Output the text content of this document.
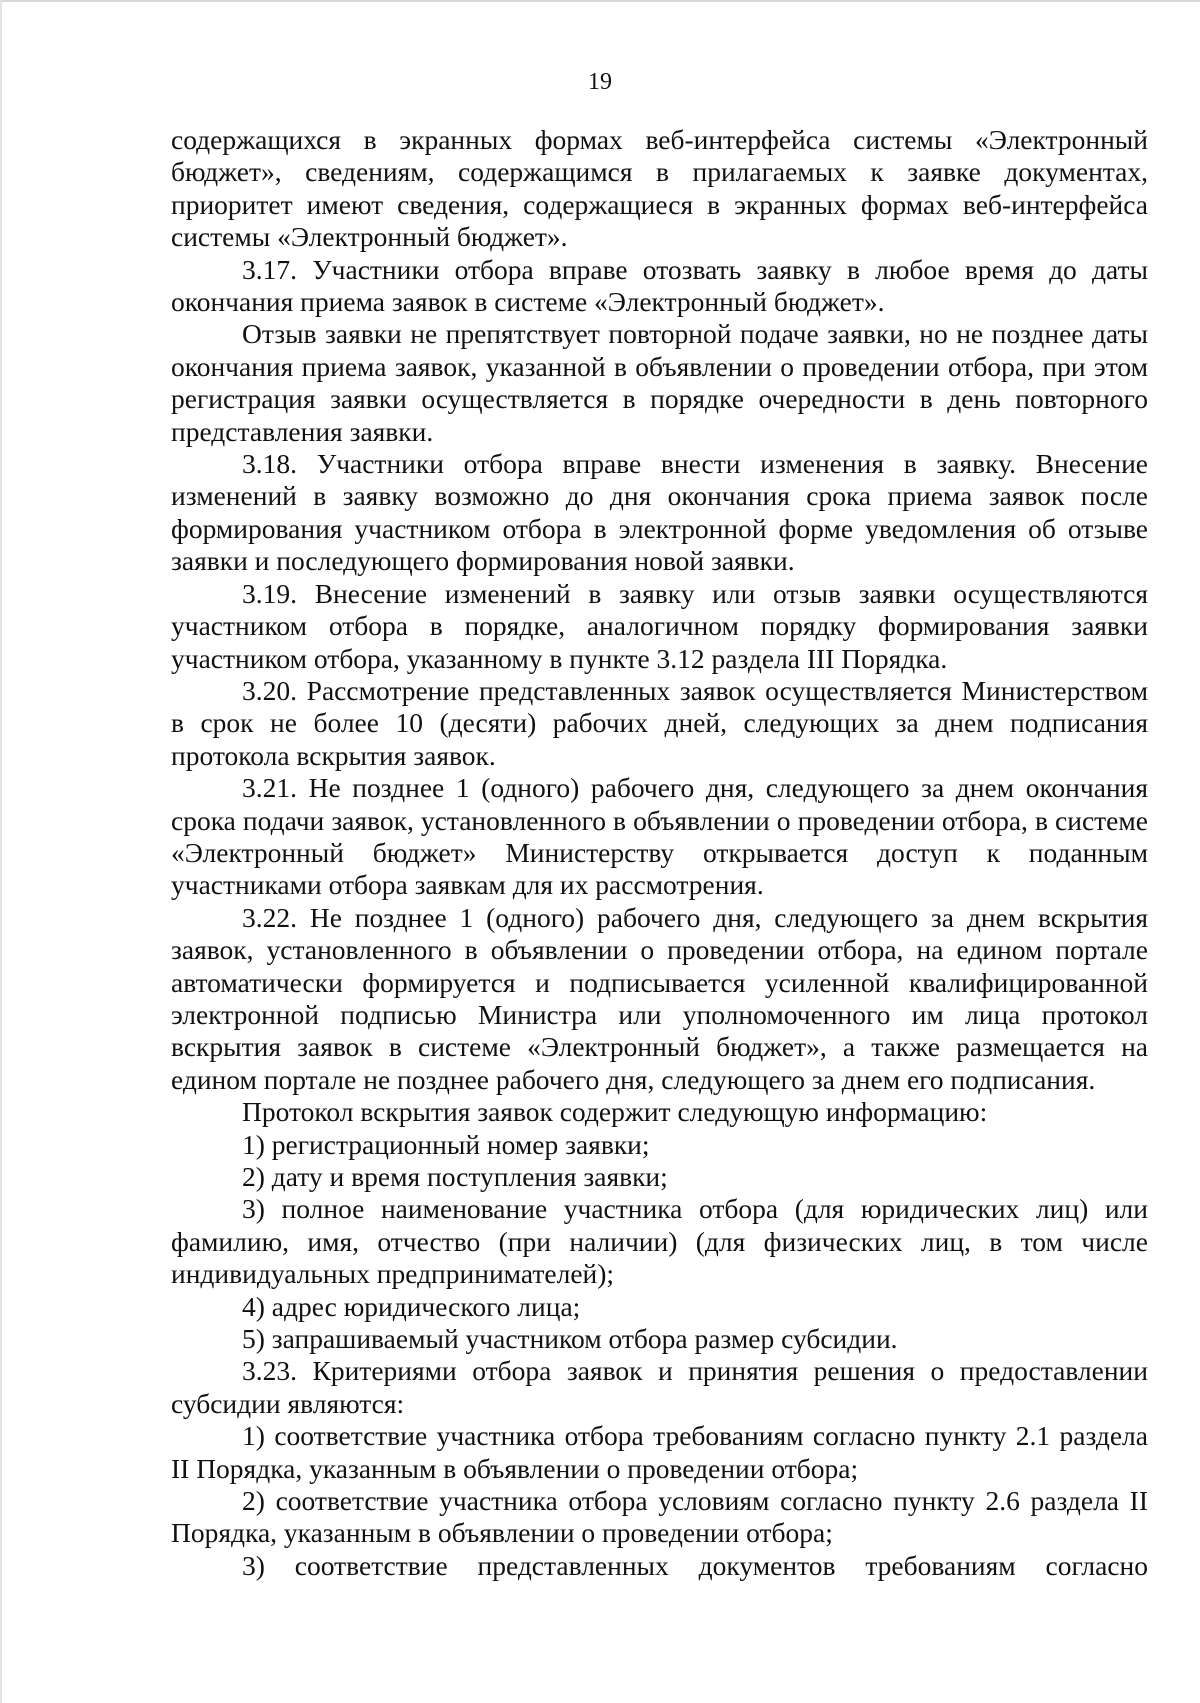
19

содержащихся в экранных формах веб-интерфейса системы «Электронный бюджет», сведениям, содержащимся в прилагаемых к заявке документах, приоритет имеют сведения, содержащиеся в экранных формах веб-интерфейса системы «Электронный бюджет».

3.17. Участники отбора вправе отозвать заявку в любое время до даты окончания приема заявок в системе «Электронный бюджет».

Отзыв заявки не препятствует повторной подаче заявки, но не позднее даты окончания приема заявок, указанной в объявлении о проведении отбора, при этом регистрация заявки осуществляется в порядке очередности в день повторного представления заявки.

3.18. Участники отбора вправе внести изменения в заявку. Внесение изменений в заявку возможно до дня окончания срока приема заявок после формирования участником отбора в электронной форме уведомления об отзыве заявки и последующего формирования новой заявки.

3.19. Внесение изменений в заявку или отзыв заявки осуществляются участником отбора в порядке, аналогичном порядку формирования заявки участником отбора, указанному в пункте 3.12 раздела III Порядка.

3.20. Рассмотрение представленных заявок осуществляется Министерством в срок не более 10 (десяти) рабочих дней, следующих за днем подписания протокола вскрытия заявок.

3.21. Не позднее 1 (одного) рабочего дня, следующего за днем окончания срока подачи заявок, установленного в объявлении о проведении отбора, в системе «Электронный бюджет» Министерству открывается доступ к поданным участниками отбора заявкам для их рассмотрения.

3.22. Не позднее 1 (одного) рабочего дня, следующего за днем вскрытия заявок, установленного в объявлении о проведении отбора, на едином портале автоматически формируется и подписывается усиленной квалифицированной электронной подписью Министра или уполномоченного им лица протокол вскрытия заявок в системе «Электронный бюджет», а также размещается на едином портале не позднее рабочего дня, следующего за днем его подписания.

Протокол вскрытия заявок содержит следующую информацию:

1) регистрационный номер заявки;

2) дату и время поступления заявки;

3) полное наименование участника отбора (для юридических лиц) или фамилию, имя, отчество (при наличии) (для физических лиц, в том числе индивидуальных предпринимателей);

4) адрес юридического лица;

5) запрашиваемый участником отбора размер субсидии.

3.23. Критериями отбора заявок и принятия решения о предоставлении субсидии являются:

1) соответствие участника отбора требованиям согласно пункту 2.1 раздела II Порядка, указанным в объявлении о проведении отбора;

2) соответствие участника отбора условиям согласно пункту 2.6 раздела II Порядка, указанным в объявлении о проведении отбора;

3) соответствие представленных документов требованиям согласно
